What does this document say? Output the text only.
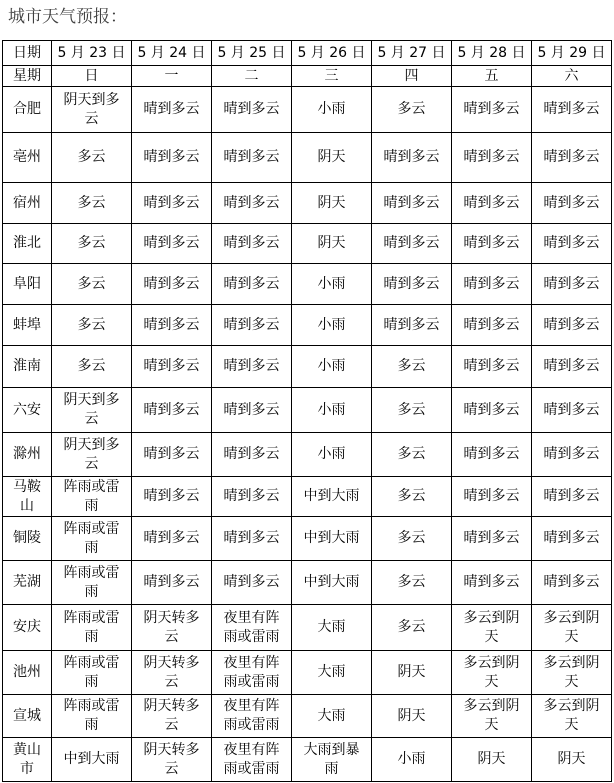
城市天气预报：
日期	5 月 23 日	5 月 24 日	5 月 25 日	5 月 26 日	5 月 27 日	5 月 28 日	5 月 29 日
星期	日	一	二	三	四	五	六
合肥	阴天到多云	晴到多云	晴到多云	小雨	多云	晴到多云	晴到多云
亳州	多云	晴到多云	晴到多云	阴天	晴到多云	晴到多云	晴到多云
宿州	多云	晴到多云	晴到多云	阴天	晴到多云	晴到多云	晴到多云
淮北	多云	晴到多云	晴到多云	阴天	晴到多云	晴到多云	晴到多云
阜阳	多云	晴到多云	晴到多云	小雨	晴到多云	晴到多云	晴到多云
蚌埠	多云	晴到多云	晴到多云	小雨	晴到多云	晴到多云	晴到多云
淮南	多云	晴到多云	晴到多云	小雨	多云	晴到多云	晴到多云
六安	阴天到多云	晴到多云	晴到多云	小雨	多云	晴到多云	晴到多云
滁州	阴天到多云	晴到多云	晴到多云	小雨	多云	晴到多云	晴到多云
马鞍山	阵雨或雷雨	晴到多云	晴到多云	中到大雨	多云	晴到多云	晴到多云
铜陵	阵雨或雷雨	晴到多云	晴到多云	中到大雨	多云	晴到多云	晴到多云
芜湖	阵雨或雷雨	晴到多云	晴到多云	中到大雨	多云	晴到多云	晴到多云
安庆	阵雨或雷雨	阴天转多云	夜里有阵雨或雷雨	大雨	多云	多云到阴天	多云到阴天
池州	阵雨或雷雨	阴天转多云	夜里有阵雨或雷雨	大雨	阴天	多云到阴天	多云到阴天
宣城	阵雨或雷雨	阴天转多云	夜里有阵雨或雷雨	大雨	阴天	多云到阴天	多云到阴天
黄山市	中到大雨	阴天转多云	夜里有阵雨或雷雨	大雨到暴雨	小雨	阴天	阴天
